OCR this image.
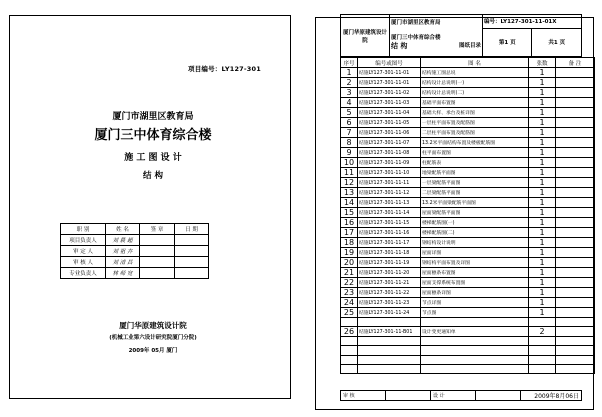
项目编号：LY127-301
厦门市湖里区教育局
厦门三中体育综合楼
施 工 图 设 计
结 构
职 别	姓 名	签 章	日 期
项目负责人	刘 晨 超		
审 定 人	刘 祖 卉		
审 核 人	刘 清 昌		
专业负责人	林 师 宽		
厦门华原建筑设计院
(机械工业第六设计研究院厦门分院)
2009年 05月 厦门
厦门华原建筑设计院	厦门市湖里区教育局	编号：LY127-301-11-01X	

	厦门三中体育综合楼
结 构 图纸目录	第1 页	共1 页
序号	编号或图号	图 名	张数	备 注
1	结施LY127-301-11-01	结构施工图总说	1	
2	结施LY127-301-11-01	结构设计总说明(一)	1	
3	结施LY127-301-11-02	结构设计总说明(二)	1	
4	结施LY127-301-11-03	基础平面布置图	1	
5	结施LY127-301-11-04	基础大样、承台及桩详图	1	
6	结施LY127-301-11-05	一层柱平面布置及配筋图	1	
7	结施LY127-301-11-06	二层柱平面布置及配筋图	1	
8	结施LY127-301-11-07	13.2米平面结构布置及楼板配筋图	1	
9	结施LY127-301-11-08	柱平面布置图	1	
10	结施LY127-301-11-09	柱配筋表	1	
11	结施LY127-301-11-10	地梁配筋平面图	1	
12	结施LY127-301-11-11	一层梁配筋平面图	1	
13	结施LY127-301-11-12	二层梁配筋平面图	1	
14	结施LY127-301-11-13	13.2米平面梁配筋平面图	1	
15	结施LY127-301-11-14	屋面梁配筋平面图	1	
16	结施LY127-301-11-15	楼梯配筋图(一)	1	
17	结施LY127-301-11-16	楼梯配筋图(二)	1	
18	结施LY127-301-11-17	钢结构设计说明	1	
19	结施LY127-301-11-18	屋面详图	1	
20	结施LY127-301-11-19	钢结构平面布置及详图	1	
21	结施LY127-301-11-20	屋面檩条布置图	1	
22	结施LY127-301-11-21	屋面支撑系统布置图	1	
23	结施LY127-301-11-22	屋面檩条详图	1	
24	结施LY127-301-11-23	节点详图	1	
25	结施LY127-301-11-24	节点图	1	

26	结施LY127-301-11-B01	设计变更通知单	2	

审 核		设 计		2009年8月06日
